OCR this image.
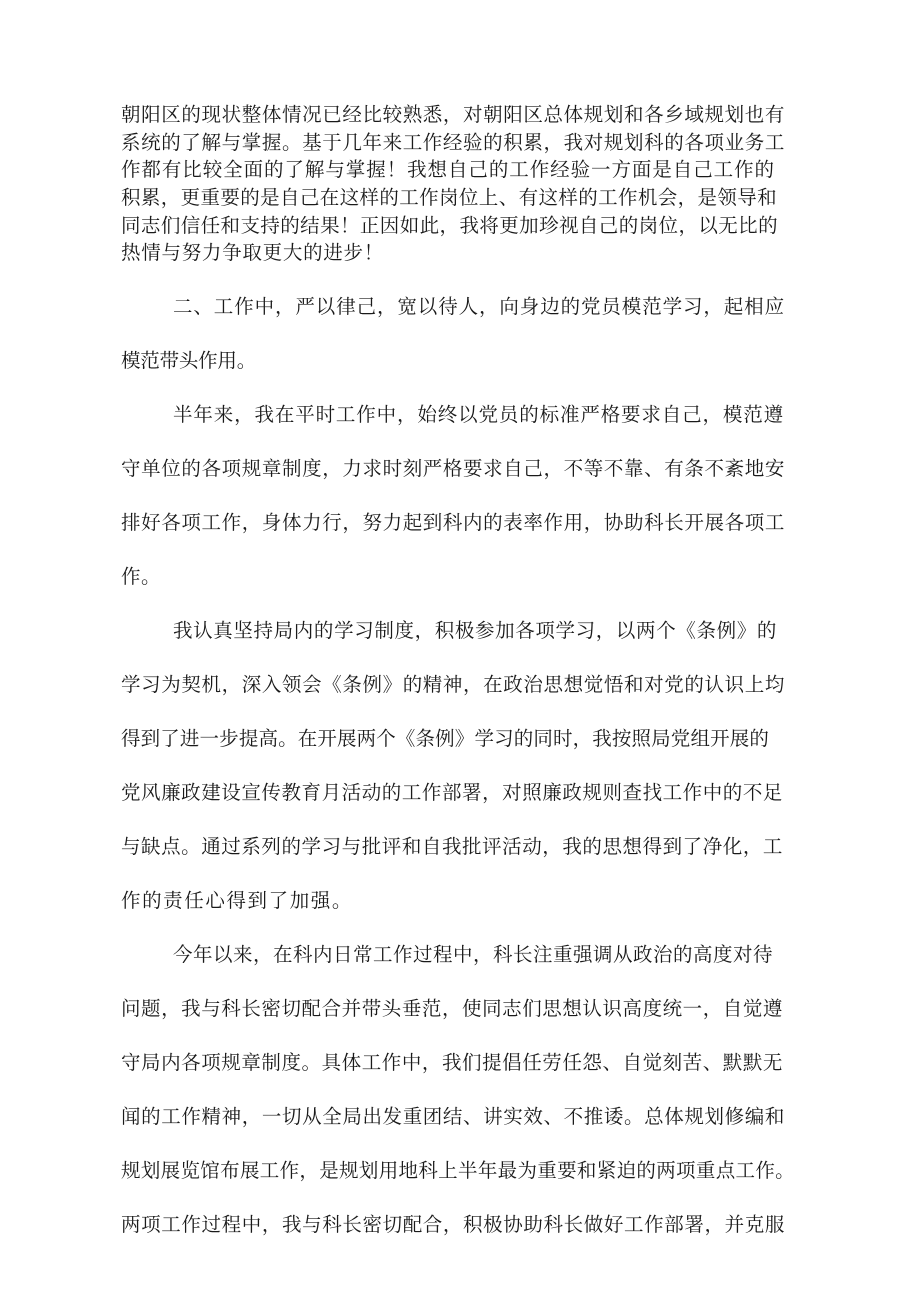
朝阳区的现状整体情况已经比较熟悉，对朝阳区总体规划和各乡域规划也有
系统的了解与掌握。基于几年来工作经验的积累，我对规划科的各项业务工
作都有比较全面的了解与掌握！我想自己的工作经验一方面是自己工作的
积累，更重要的是自己在这样的工作岗位上、有这样的工作机会，是领导和
同志们信任和支持的结果！正因如此，我将更加珍视自己的岗位，以无比的
热情与努力争取更大的进步！
二、工作中，严以律己，宽以待人，向身边的党员模范学习，起相应
模范带头作用。
半年来，我在平时工作中，始终以党员的标准严格要求自己，模范遵
守单位的各项规章制度，力求时刻严格要求自己，不等不靠、有条不紊地安
排好各项工作，身体力行，努力起到科内的表率作用，协助科长开展各项工
作。
我认真坚持局内的学习制度，积极参加各项学习，以两个《条例》的
学习为契机，深入领会《条例》的精神，在政治思想觉悟和对党的认识上均
得到了进一步提高。在开展两个《条例》学习的同时，我按照局党组开展的
党风廉政建设宣传教育月活动的工作部署，对照廉政规则查找工作中的不足
与缺点。通过系列的学习与批评和自我批评活动，我的思想得到了净化，工
作的责任心得到了加强。
今年以来，在科内日常工作过程中，科长注重强调从政治的高度对待
问题，我与科长密切配合并带头垂范，使同志们思想认识高度统一，自觉遵
守局内各项规章制度。具体工作中，我们提倡任劳任怨、自觉刻苦、默默无
闻的工作精神，一切从全局出发重团结、讲实效、不推诿。总体规划修编和
规划展览馆布展工作，是规划用地科上半年最为重要和紧迫的两项重点工作。
两项工作过程中，我与科长密切配合，积极协助科长做好工作部署，并克服
